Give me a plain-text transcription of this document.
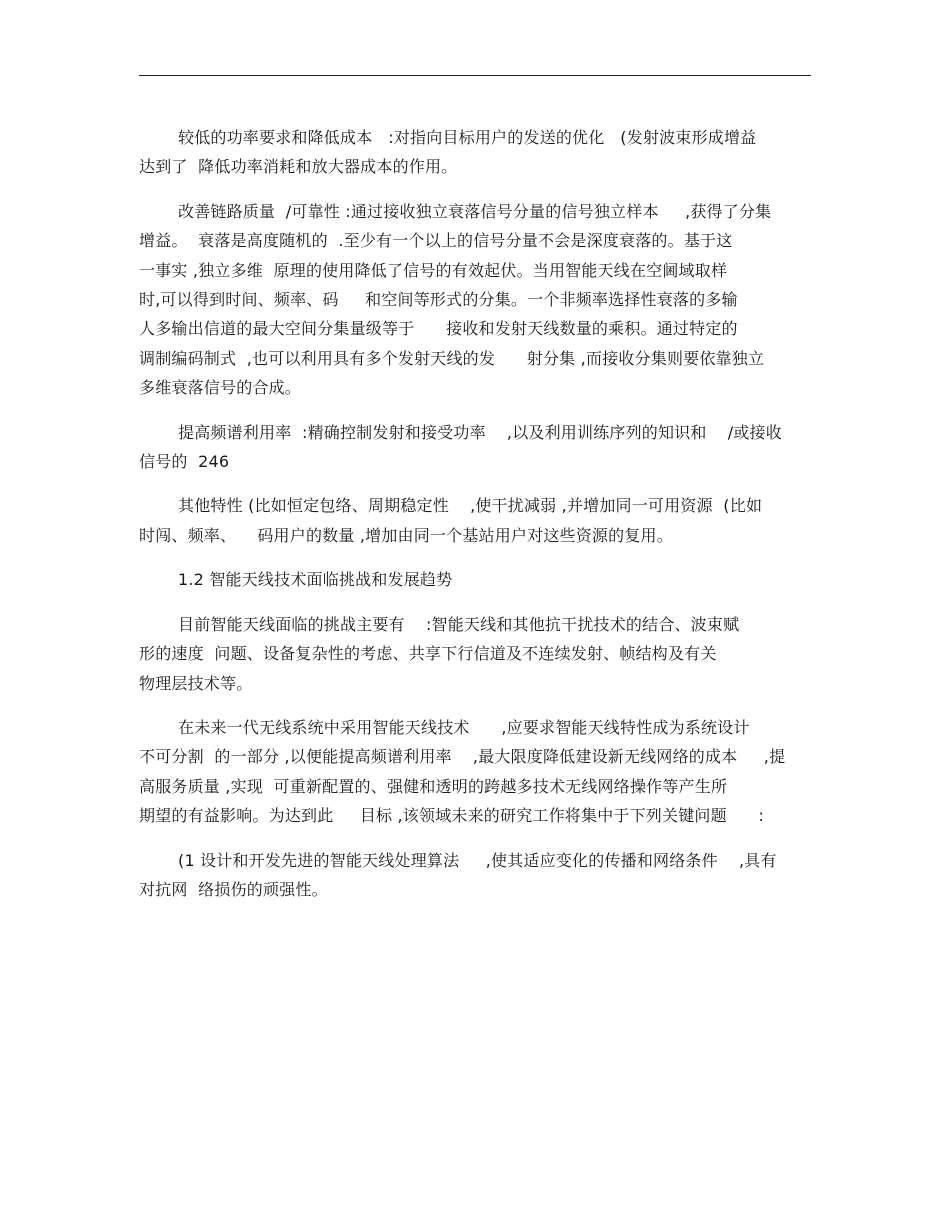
较低的功率要求和降低成本   :对指向目标用户的发送的优化   (发射波束形成增益
达到了  降低功率消耗和放大器成本的作用。
改善链路质量  /可靠性 :通过接收独立衰落信号分量的信号独立样本     ,获得了分集
增益。  衰落是高度随机的  .至少有一个以上的信号分量不会是深度衰落的。基于这
一事实 ,独立多维  原理的使用降低了信号的有效起伏。当用智能天线在空阃域取样
时,可以得到时间、频率、码     和空间等形式的分集。一个非频率选择性衰落的多输
人多输出信道的最大空间分集量级等于      接收和发射天线数量的乘积。通过特定的
调制编码制式  ,也可以利用具有多个发射天线的发      射分集 ,而接收分集则要依靠独立
多维衰落信号的合成。
提高频谱利用率  :精确控制发射和接受功率    ,以及利用训练序列的知识和    /或接收
信号的  246
其他特性 (比如恒定包络、周期稳定性    ,使干扰减弱 ,并增加同一可用资源  (比如
时闯、频率、    码用户的数量 ,增加由同一个基站用户对这些资源的复用。
1.2 智能天线技术面临挑战和发展趋势
目前智能天线面临的挑战主要有    :智能天线和其他抗干扰技术的结合、波束赋
形的速度  问题、设备复杂性的考虑、共享下行信道及不连续发射、帧结构及有关
物理层技术等。
在未来一代无线系统中采用智能天线技术      ,应要求智能天线特性成为系统设计
不可分割  的一部分 ,以便能提高频谱利用率    ,最大限度降低建设新无线网络的成本     ,提
高服务质量 ,实现  可重新配置的、强健和透明的跨越多技术无线网络操作等产生所
期望的有益影响。为达到此     目标 ,该领域未来的研究工作将集中于下列关键问题      :
(1 设计和开发先进的智能天线处理算法     ,使其适应变化的传播和网络条件    ,具有
对抗网  络损伤的顽强性。
